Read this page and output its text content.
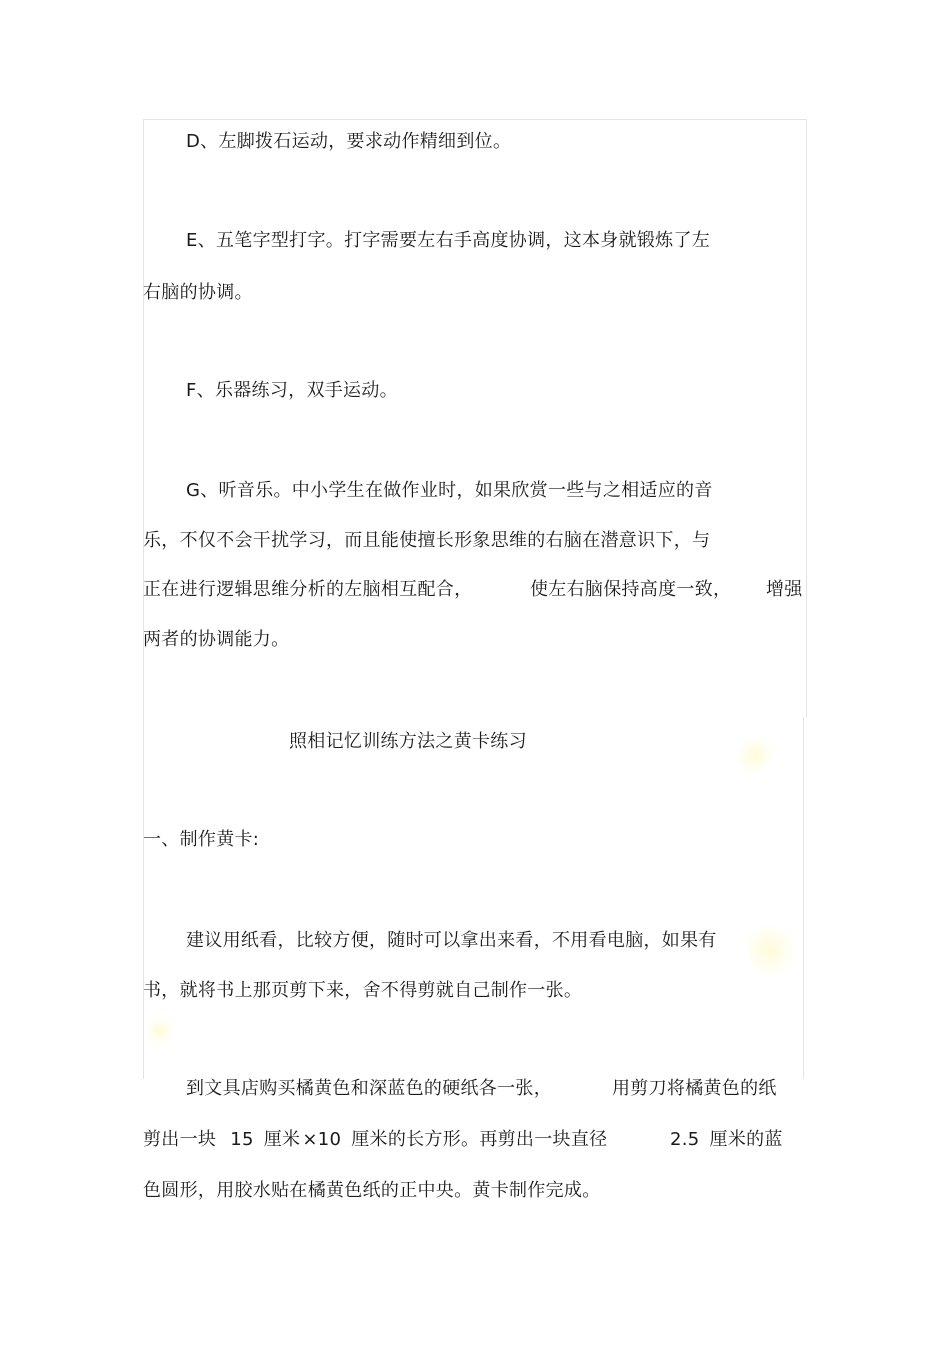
D、左脚拨石运动，要求动作精细到位。
E、五笔字型打字。打字需要左右手高度协调，这本身就锻炼了左
右脑的协调。
F、乐器练习，双手运动。
G、听音乐。中小学生在做作业时，如果欣赏一些与之相适应的音
乐，不仅不会干扰学习，而且能使擅长形象思维的右脑在潜意识下，与
正在进行逻辑思维分析的左脑相互配合，	使左右脑保持高度一致， 增强
两者的协调能力。
照相记忆训练方法之黄卡练习
一、制作黄卡:
建议用纸看，比较方便，随时可以拿出来看，不用看电脑，如果有
书，就将书上那页剪下来，舍不得剪就自己制作一张。
到文具店购买橘黄色和深蓝色的硬纸各一张，	用剪刀将橘黄色的纸
剪出一块 15 厘米 ×10 厘米的长方形。再剪出一块直径	2.5 厘米的蓝
色圆形，用胶水贴在橘黄色纸的正中央。黄卡制作完成。
